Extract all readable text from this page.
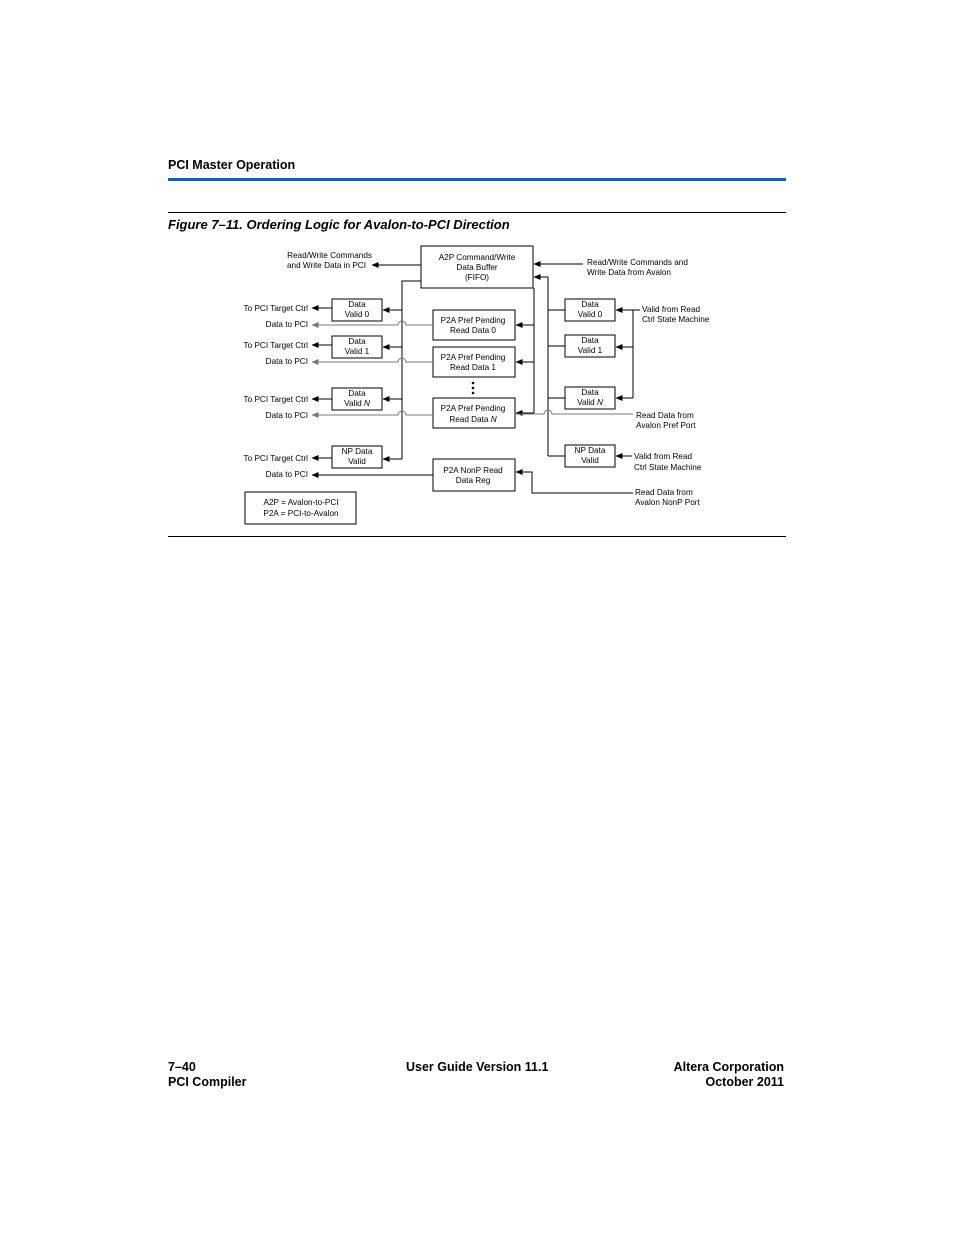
PCI Master Operation
Figure 7–11. Ordering Logic for Avalon-to-PCI Direction
A2P Command/Write
Data Buffer
(FIFO)
P2A Pref Pending
Read Data 0
P2A Pref Pending
Read Data 1
P2A Pref Pending
Read Data N
P2A NonP Read
Data Reg
Data
Valid 0
Data
Valid 1
Data
Valid N
NP Data
Valid
Data
Valid 0
Data
Valid 1
Data
Valid N
NP Data
Valid
Read/Write Commands
and Write Data in PCI	Read/Write Commands and
Write Data from Avalon
To PCI Target Ctrl
Data to PCI
To PCI Target Ctrl
Data to PCI
To PCI Target Ctrl
Data to PCI
To PCI Target Ctrl
Data to PCI
Valid from Read
Ctrl State Machine
Read Data from
Avalon Pref Port
Valid from Read
Ctrl State Machine
Read Data from
Avalon NonP Port
A2P = Avalon-to-PCI
P2A = PCI-to-Avalon
7–40
PCI Compiler
User Guide Version 11.1	Altera Corporation
October 2011
